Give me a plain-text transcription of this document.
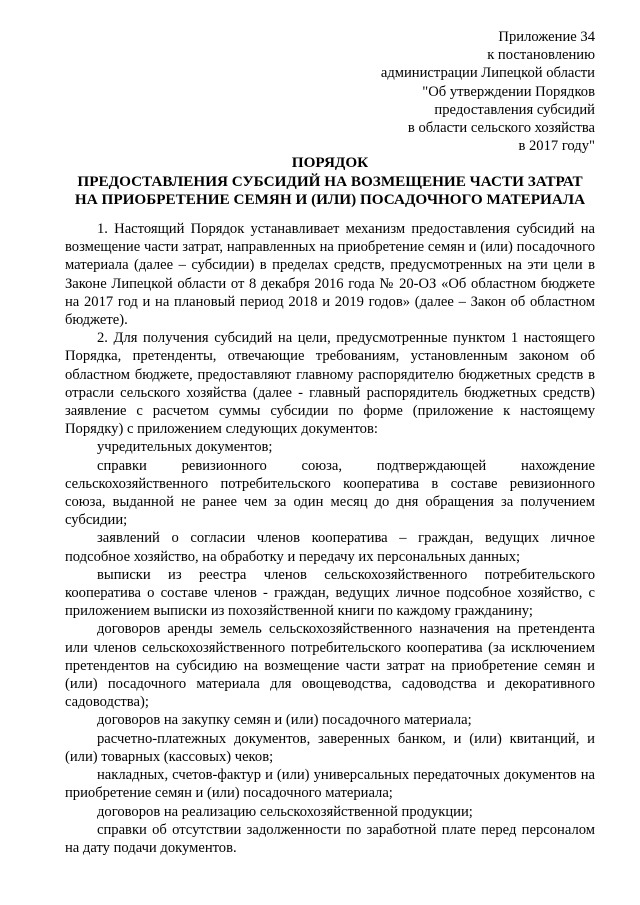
Приложение 34
к постановлению
администрации Липецкой области
"Об утверждении Порядков
предоставления субсидий
в области сельского хозяйства
в 2017 году"
ПОРЯДОК
ПРЕДОСТАВЛЕНИЯ СУБСИДИЙ НА ВОЗМЕЩЕНИЕ ЧАСТИ ЗАТРАТ
НА ПРИОБРЕТЕНИЕ СЕМЯН И (ИЛИ) ПОСАДОЧНОГО МАТЕРИАЛА

1. Настоящий Порядок устанавливает механизм предоставления субсидий на возмещение части затрат, направленных на приобретение семян и (или) посадочного материала (далее – субсидии) в пределах средств, предусмотренных на эти цели в Законе Липецкой области от 8 декабря 2016 года № 20-ОЗ «Об областном бюджете на 2017 год и на плановый период 2018 и 2019 годов» (далее – Закон об областном бюджете).

2. Для получения субсидий на цели, предусмотренные пунктом 1 настоящего Порядка, претенденты, отвечающие требованиям, установленным законом об областном бюджете, предоставляют главному распорядителю бюджетных средств в отрасли сельского хозяйства (далее - главный распорядитель бюджетных средств) заявление с расчетом суммы субсидии по форме (приложение к настоящему Порядку) с приложением следующих документов:

учредительных документов;

справки ревизионного союза, подтверждающей нахождение сельскохозяйственного потребительского кооператива в составе ревизионного союза, выданной не ранее чем за один месяц до дня обращения за получением субсидии;

заявлений о согласии членов кооператива – граждан, ведущих личное подсобное хозяйство, на обработку и передачу их персональных данных;

выписки из реестра членов сельскохозяйственного потребительского кооператива о составе членов - граждан, ведущих личное подсобное хозяйство, с приложением выписки из похозяйственной книги по каждому гражданину;

договоров аренды земель сельскохозяйственного назначения на претендента или членов сельскохозяйственного потребительского кооператива (за исключением претендентов на субсидию на возмещение части затрат на приобретение семян и (или) посадочного материала для овощеводства, садоводства и декоративного садоводства);

договоров на закупку семян и (или) посадочного материала;

расчетно-платежных документов, заверенных банком, и (или) квитанций, и (или) товарных (кассовых) чеков;

накладных, счетов-фактур и (или) универсальных передаточных документов на приобретение семян и (или) посадочного материала;

договоров на реализацию сельскохозяйственной продукции;

справки об отсутствии задолженности по заработной плате перед персоналом на дату подачи документов.
